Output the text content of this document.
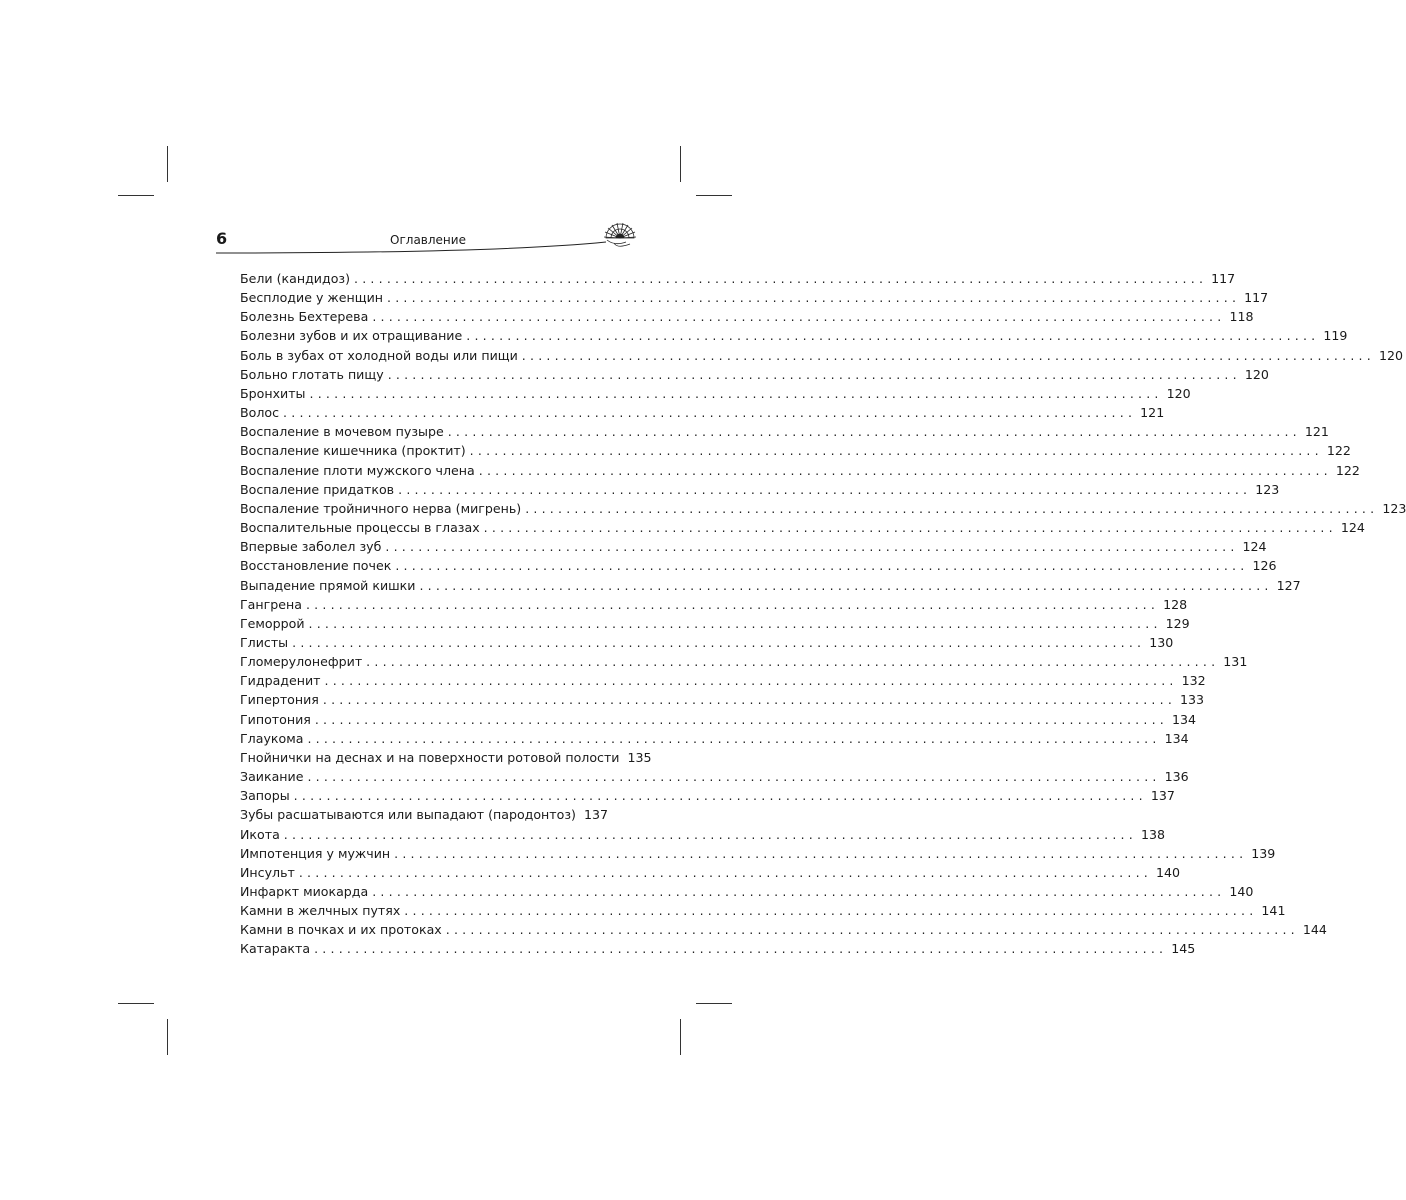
6	Оглавление
Бели (кандидоз) .....	117
Бесплодие у женщин .....	117
Болезнь Бехтерева .....	118
Болезни зубов и их отращивание .....	119
Боль в зубах от холодной воды или пищи .....	120
Больно глотать пищу .....	120
Бронхиты .....	120
Волос .....	121
Воспаление в мочевом пузыре .....	121
Воспаление кишечника (проктит) .....	122
Воспаление плоти мужского члена .....	122
Воспаление придатков .....	123
Воспаление тройничного нерва (мигрень) .....	123
Воспалительные процессы в глазах .....	124
Впервые заболел зуб .....	124
Восстановление почек .....	126
Выпадение прямой кишки .....	127
Гангрена .....	128
Геморрой .....	129
Глисты .....	130
Гломерулонефрит .....	131
Гидраденит .....	132
Гипертония .....	133
Гипотония .....	134
Глаукома .....	134
Гнойнички на деснах и на поверхности ротовой полости 135
Заикание .....	136
Запоры .....	137
Зубы расшатываются или выпадают (пародонтоз) 137
Икота .....	138
Импотенция у мужчин .....	139
Инсульт .....	140
Инфаркт миокарда .....	140
Камни в желчных путях .....	141
Камни в почках и их протоках .....	144
Катаракта .....	145
